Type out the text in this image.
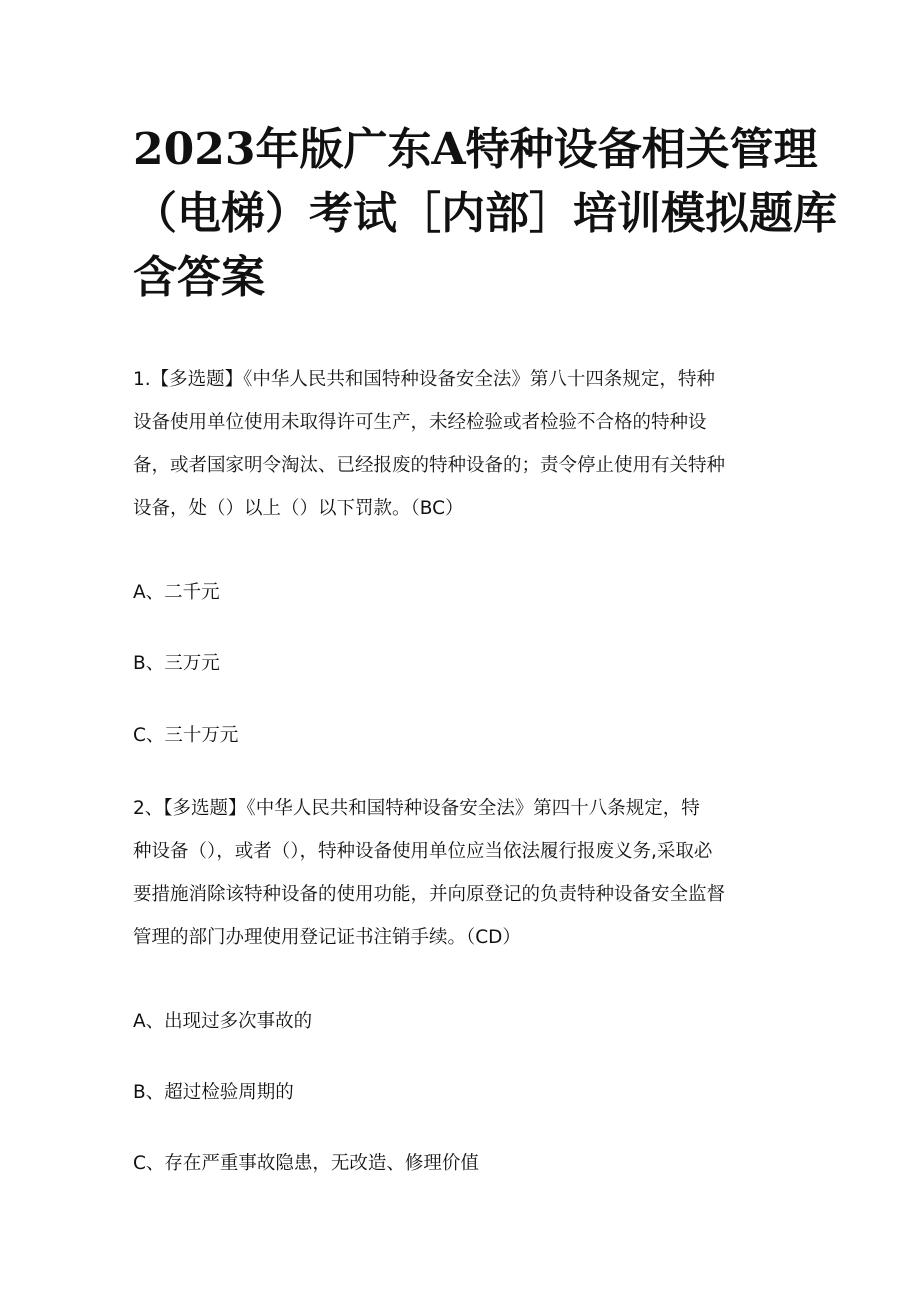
2023年版广东A特种设备相关管理
（电梯）考试［内部］培训模拟题库
含答案

1.【多选题】《中华人民共和国特种设备安全法》第八十四条规定，特种
设备使用单位使用未取得许可生产，未经检验或者检验不合格的特种设
备，或者国家明令淘汰、已经报废的特种设备的；责令停止使用有关特种
设备，处（）以上（）以下罚款。（BC）

A、二千元

B、三万元

C、三十万元

2、【多选题】《中华人民共和国特种设备安全法》第四十八条规定，特
种设备（），或者（），特种设备使用单位应当依法履行报废义务,采取必
要措施消除该特种设备的使用功能，并向原登记的负责特种设备安全监督
管理的部门办理使用登记证书注销手续。（CD）

A、出现过多次事故的

B、超过检验周期的

C、存在严重事故隐患，无改造、修理价值
